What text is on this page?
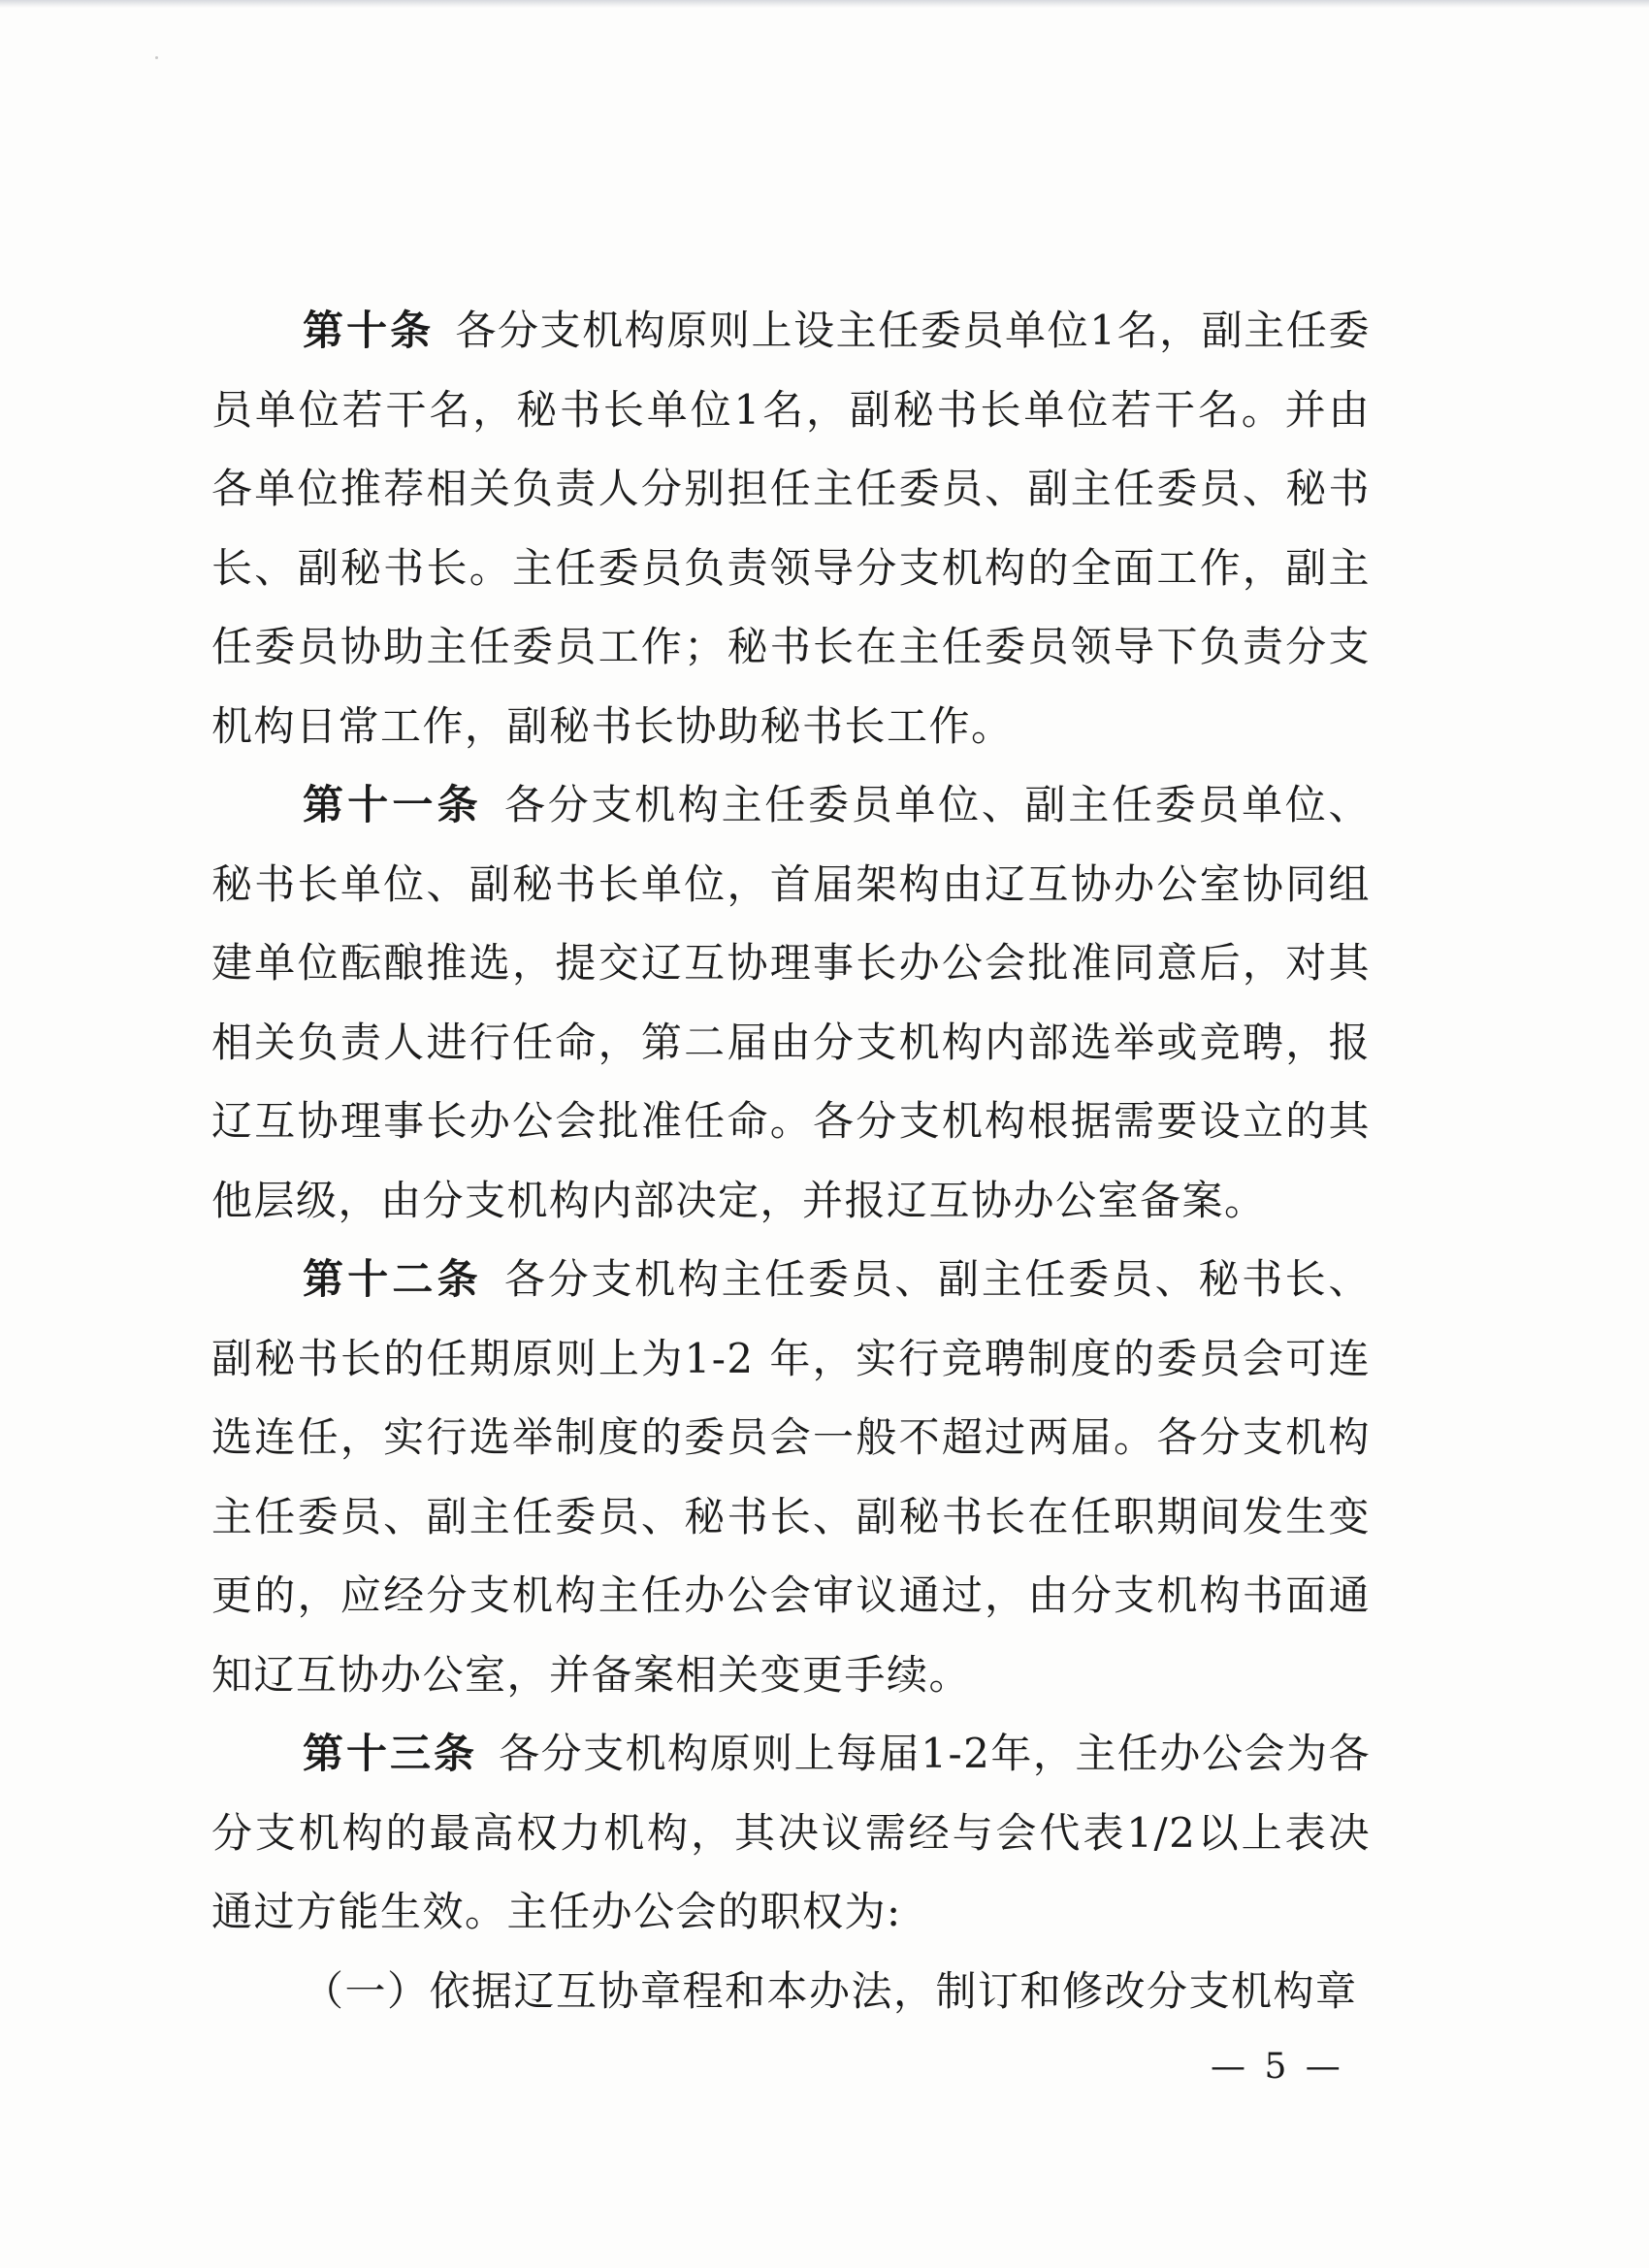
第十条 各分支机构原则上设主任委员单位1名，副主任委员单位若干名，秘书长单位1名，副秘书长单位若干名。并由各单位推荐相关负责人分别担任主任委员、副主任委员、秘书长、副秘书长。主任委员负责领导分支机构的全面工作，副主任委员协助主任委员工作；秘书长在主任委员领导下负责分支机构日常工作，副秘书长协助秘书长工作。

第十一条 各分支机构主任委员单位、副主任委员单位、秘书长单位、副秘书长单位，首届架构由辽互协办公室协同组建单位酝酿推选，提交辽互协理事长办公会批准同意后，对其相关负责人进行任命，第二届由分支机构内部选举或竞聘，报辽互协理事长办公会批准任命。各分支机构根据需要设立的其他层级，由分支机构内部决定，并报辽互协办公室备案。

第十二条 各分支机构主任委员、副主任委员、秘书长、副秘书长的任期原则上为1-2 年，实行竞聘制度的委员会可连选连任，实行选举制度的委员会一般不超过两届。各分支机构主任委员、副主任委员、秘书长、副秘书长在任职期间发生变更的，应经分支机构主任办公会审议通过，由分支机构书面通知辽互协办公室，并备案相关变更手续。

第十三条 各分支机构原则上每届1-2年，主任办公会为各分支机构的最高权力机构，其决议需经与会代表1/2以上表决通过方能生效。主任办公会的职权为:

（一）依据辽互协章程和本办法，制订和修改分支机构章

— 5 —
